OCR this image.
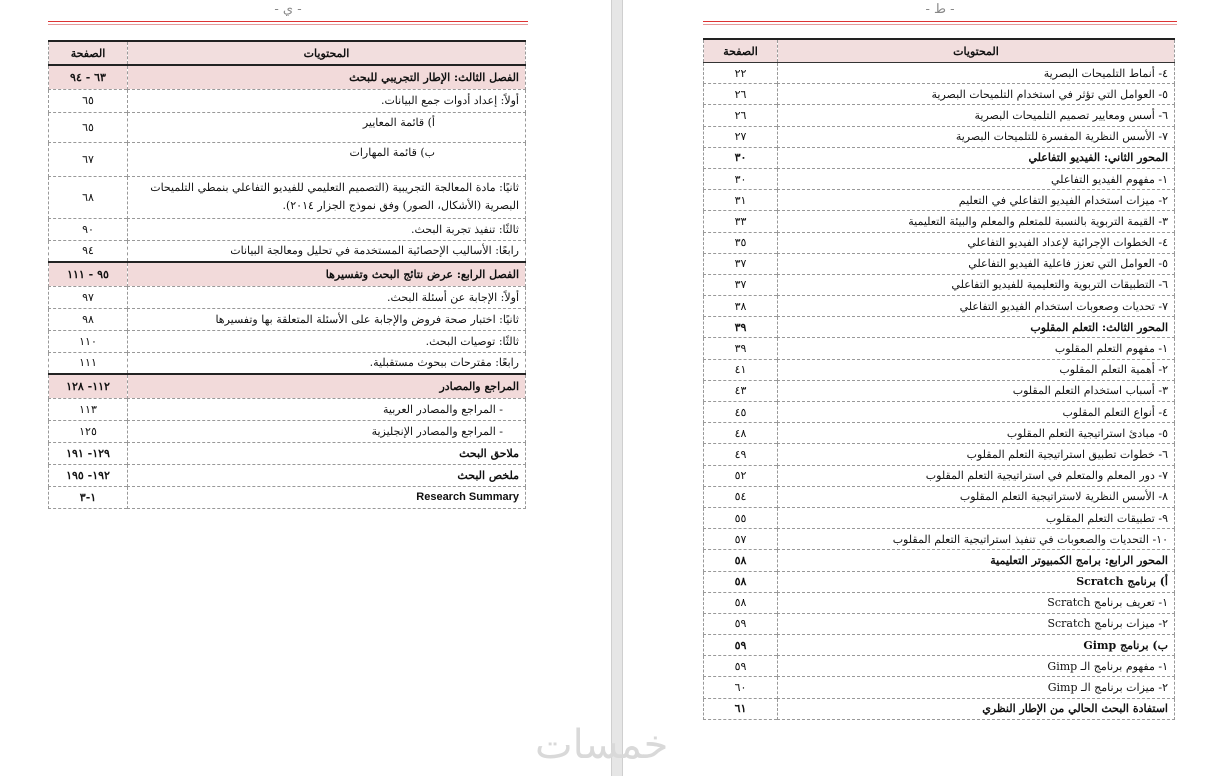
- ي -
المحتويات	الصفحة
الفصل الثالث: الإطار التجريبي للبحث	٦٣ - ٩٤
أولاً: إعداد أدوات جمع البيانات.	٦٥
أ) قائمة المعايير	٦٥
ب) قائمة المهارات	٦٧
ثانيًا: مادة المعالجة التجريبية (التصميم التعليمي للفيديو التفاعلي بنمطي التلميحات البصرية (الأشكال، الصور) وفق نموذج الجزار ٢٠١٤).	٦٨
ثالثًا: تنفيذ تجربة البحث.	٩٠
رابعًا: الأساليب الإحصائية المستخدمة في تحليل ومعالجة البيانات	٩٤
الفصل الرابع: عرض نتائج البحث وتفسيرها	٩٥ - ١١١
أولاً: الإجابة عن أسئلة البحث.	٩٧
ثانيًا: اختبار صحة فروض والإجابة على الأسئلة المتعلقة بها وتفسيرها	٩٨
ثالثًا: توصيات البحث.	١١٠
رابعًا: مقترحات ببحوث مستقبلية.	١١١
المراجع والمصادر	١١٢- ١٢٨
- المراجع والمصادر العربية	١١٣
- المراجع والمصادر الإنجليزية	١٢٥
ملاحق البحث	١٢٩- ١٩١
ملخص البحث	١٩٢- ١٩٥
Research Summary	١-٣
- ط -
المحتويات	الصفحة
٤- أنماط التلميحات البصرية	٢٢
٥- العوامل التي تؤثر في استخدام التلميحات البصرية	٢٦
٦- أسس ومعايير تصميم التلميحات البصرية	٢٦
٧- الأسس النظرية المفسرة للتلميحات البصرية	٢٧
المحور الثاني: الفيديو التفاعلي	٣٠
١- مفهوم الفيديو التفاعلي	٣٠
٢- ميزات استخدام الفيديو التفاعلي في التعليم	٣١
٣- القيمة التربوية بالنسبة للمتعلم والمعلم والبيئة التعليمية	٣٣
٤- الخطوات الإجرائية لإعداد الفيديو التفاعلي	٣٥
٥- العوامل التي تعزز فاعلية الفيديو التفاعلي	٣٧
٦- التطبيقات التربوية والتعليمية للفيديو التفاعلي	٣٧
٧- تحديات وصعوبات استخدام الفيديو التفاعلي	٣٨
المحور الثالث: التعلم المقلوب	٣٩
١- مفهوم التعلم المقلوب	٣٩
٢- أهمية التعلم المقلوب	٤١
٣- أسباب استخدام التعلم المقلوب	٤٣
٤- أنواع التعلم المقلوب	٤٥
٥- مبادئ استراتيجية التعلم المقلوب	٤٨
٦- خطوات تطبيق استراتيجية التعلم المقلوب	٤٩
٧- دور المعلم والمتعلم في استراتيجية التعلم المقلوب	٥٢
٨- الأسس النظرية لاستراتيجية التعلم المقلوب	٥٤
٩- تطبيقات التعلم المقلوب	٥٥
١٠- التحديات والصعوبات في تنفيذ استراتيجية التعلم المقلوب	٥٧
المحور الرابع: برامج الكمبيوتر التعليمية	٥٨
أ) برنامج Scratch	٥٨
١- تعريف برنامج Scratch	٥٨
٢- ميزات برنامج Scratch	٥٩
ب) برنامج Gimp	٥٩
١- مفهوم برنامج الـ Gimp	٥٩
٢- ميزات برنامج الـ Gimp	٦٠
استفادة البحث الحالي من الإطار النظري	٦١
خمسات
